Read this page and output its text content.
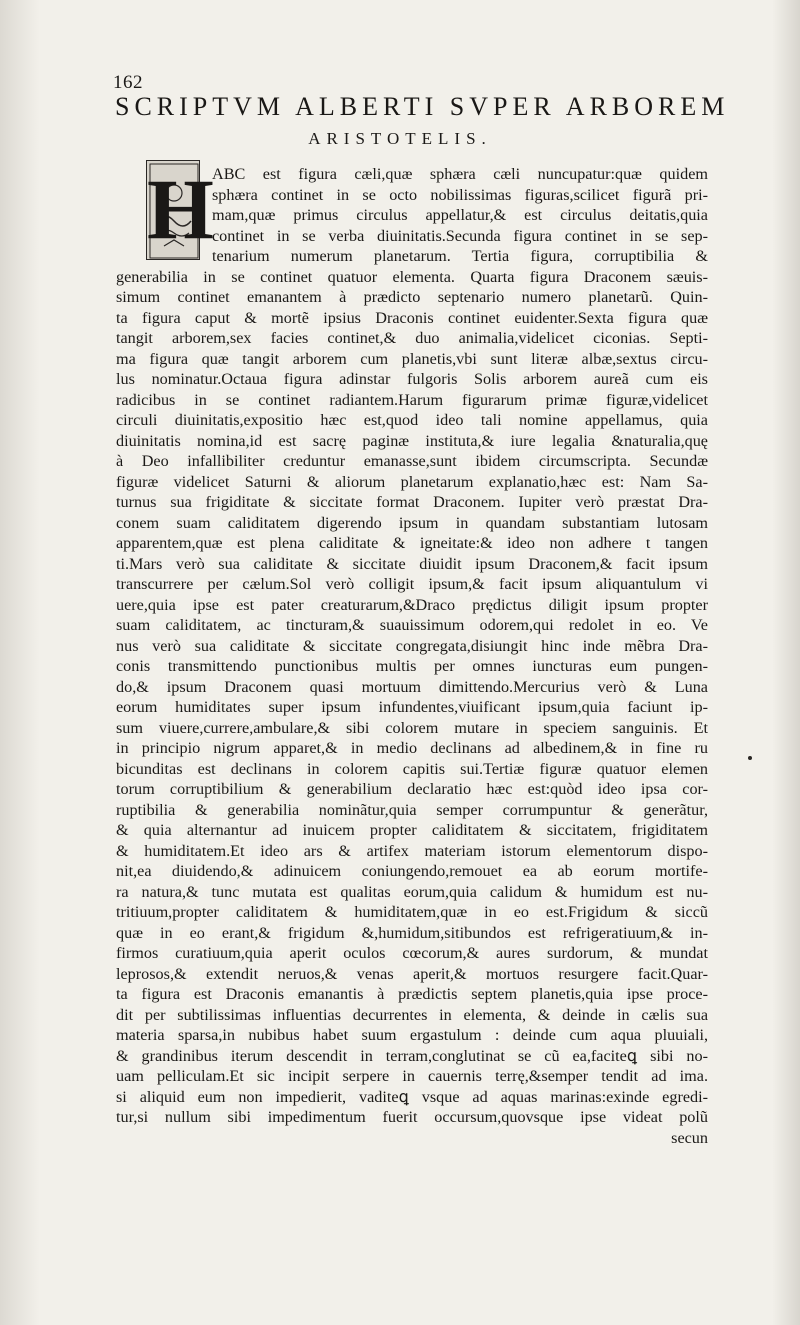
162
SCRIPTVM ALBERTI SVPER ARBOREM
ARISTOTELIS.
H
ABC est figura cæli,quæ sphæra cæli nuncupatur:quæ quidem
sphæra continet in se octo nobilissimas figuras,scilicet figurã pri-
mam,quæ primus circulus appellatur,& est circulus deitatis,quia
continet in se verba diuinitatis.Secunda figura continet in se sep-
tenarium numerum planetarum. Tertia figura, corruptibilia &
generabilia in se continet quatuor elementa. Quarta figura Draconem sæuis-
simum continet emanantem à prædicto septenario numero planetarũ. Quin-
ta figura caput & mortẽ ipsius Draconis continet euidenter.Sexta figura quæ
tangit arborem,sex facies continet,& duo animalia,videlicet ciconias. Septi-
ma figura quæ tangit arborem cum planetis,vbi sunt literæ albæ,sextus circu-
lus nominatur.Octaua figura adinstar fulgoris Solis arborem aureã cum eis
radicibus in se continet radiantem.Harum figurarum primæ figuræ,videlicet
circuli diuinitatis,expositio hæc est,quod ideo tali nomine appellamus, quia
diuinitatis nomina,id est sacrę paginæ instituta,& iure legalia &naturalia,quę
à Deo infallibiliter creduntur emanasse,sunt ibidem circumscripta. Secundæ
figuræ videlicet Saturni & aliorum planetarum explanatio,hæc est: Nam Sa-
turnus sua frigiditate & siccitate format Draconem. Iupiter verò præstat Dra-
conem suam caliditatem digerendo ipsum in quandam substantiam lutosam
apparentem,quæ est plena caliditate & igneitate:& ideo non adhere t tangen
ti.Mars verò sua caliditate & siccitate diuidit ipsum Draconem,& facit ipsum
transcurrere per cælum.Sol verò colligit ipsum,& facit ipsum aliquantulum vi
uere,quia ipse est pater creaturarum,&Draco prędictus diligit ipsum propter
suam caliditatem, ac tincturam,& suauissimum odorem,qui redolet in eo. Ve
nus verò sua caliditate & siccitate congregata,disiungit hinc inde mẽbra Dra-
conis transmittendo punctionibus multis per omnes iuncturas eum pungen-
do,& ipsum Draconem quasi mortuum dimittendo.Mercurius verò & Luna
eorum humiditates super ipsum infundentes,viuificant ipsum,quia faciunt ip-
sum viuere,currere,ambulare,& sibi colorem mutare in speciem sanguinis. Et
in principio nigrum apparet,& in medio declinans ad albedinem,& in fine ru
bicunditas est declinans in colorem capitis sui.Tertiæ figuræ quatuor elemen
torum corruptibilium & generabilium declaratio hæc est:quòd ideo ipsa cor-
ruptibilia & generabilia nominãtur,quia semper corrumpuntur & generãtur,
& quia alternantur ad inuicem propter caliditatem & siccitatem, frigiditatem
& humiditatem.Et ideo ars & artifex materiam istorum elementorum dispo-
nit,ea diuidendo,& adinuicem coniungendo,remouet ea ab eorum mortife-
ra natura,& tunc mutata est qualitas eorum,quia calidum & humidum est nu-
tritiuum,propter caliditatem & humiditatem,quæ in eo est.Frigidum & siccũ
quæ in eo erant,& frigidum &,humidum,sitibundos est refrigeratiuum,& in-
firmos curatiuum,quia aperit oculos cœcorum,& aures surdorum, & mundat
leprosos,& extendit neruos,& venas aperit,& mortuos resurgere facit.Quar-
ta figura est Draconis emanantis à prædictis septem planetis,quia ipse proce-
dit per subtilissimas influentias decurrentes in elementa, & deinde in cælis sua
materia sparsa,in nubibus habet suum ergastulum : deinde cum aqua pluuiali,
& grandinibus iterum descendit in terram,conglutinat se cũ ea,faciteꝗ sibi no-
uam pelliculam.Et sic incipit serpere in cauernis terrę,&semper tendit ad ima.
si aliquid eum non impedierit, vaditeꝗ vsque ad aquas marinas:exinde egredi-
tur,si nullum sibi impedimentum fuerit occursum,quovsque ipse videat polũ
secun
